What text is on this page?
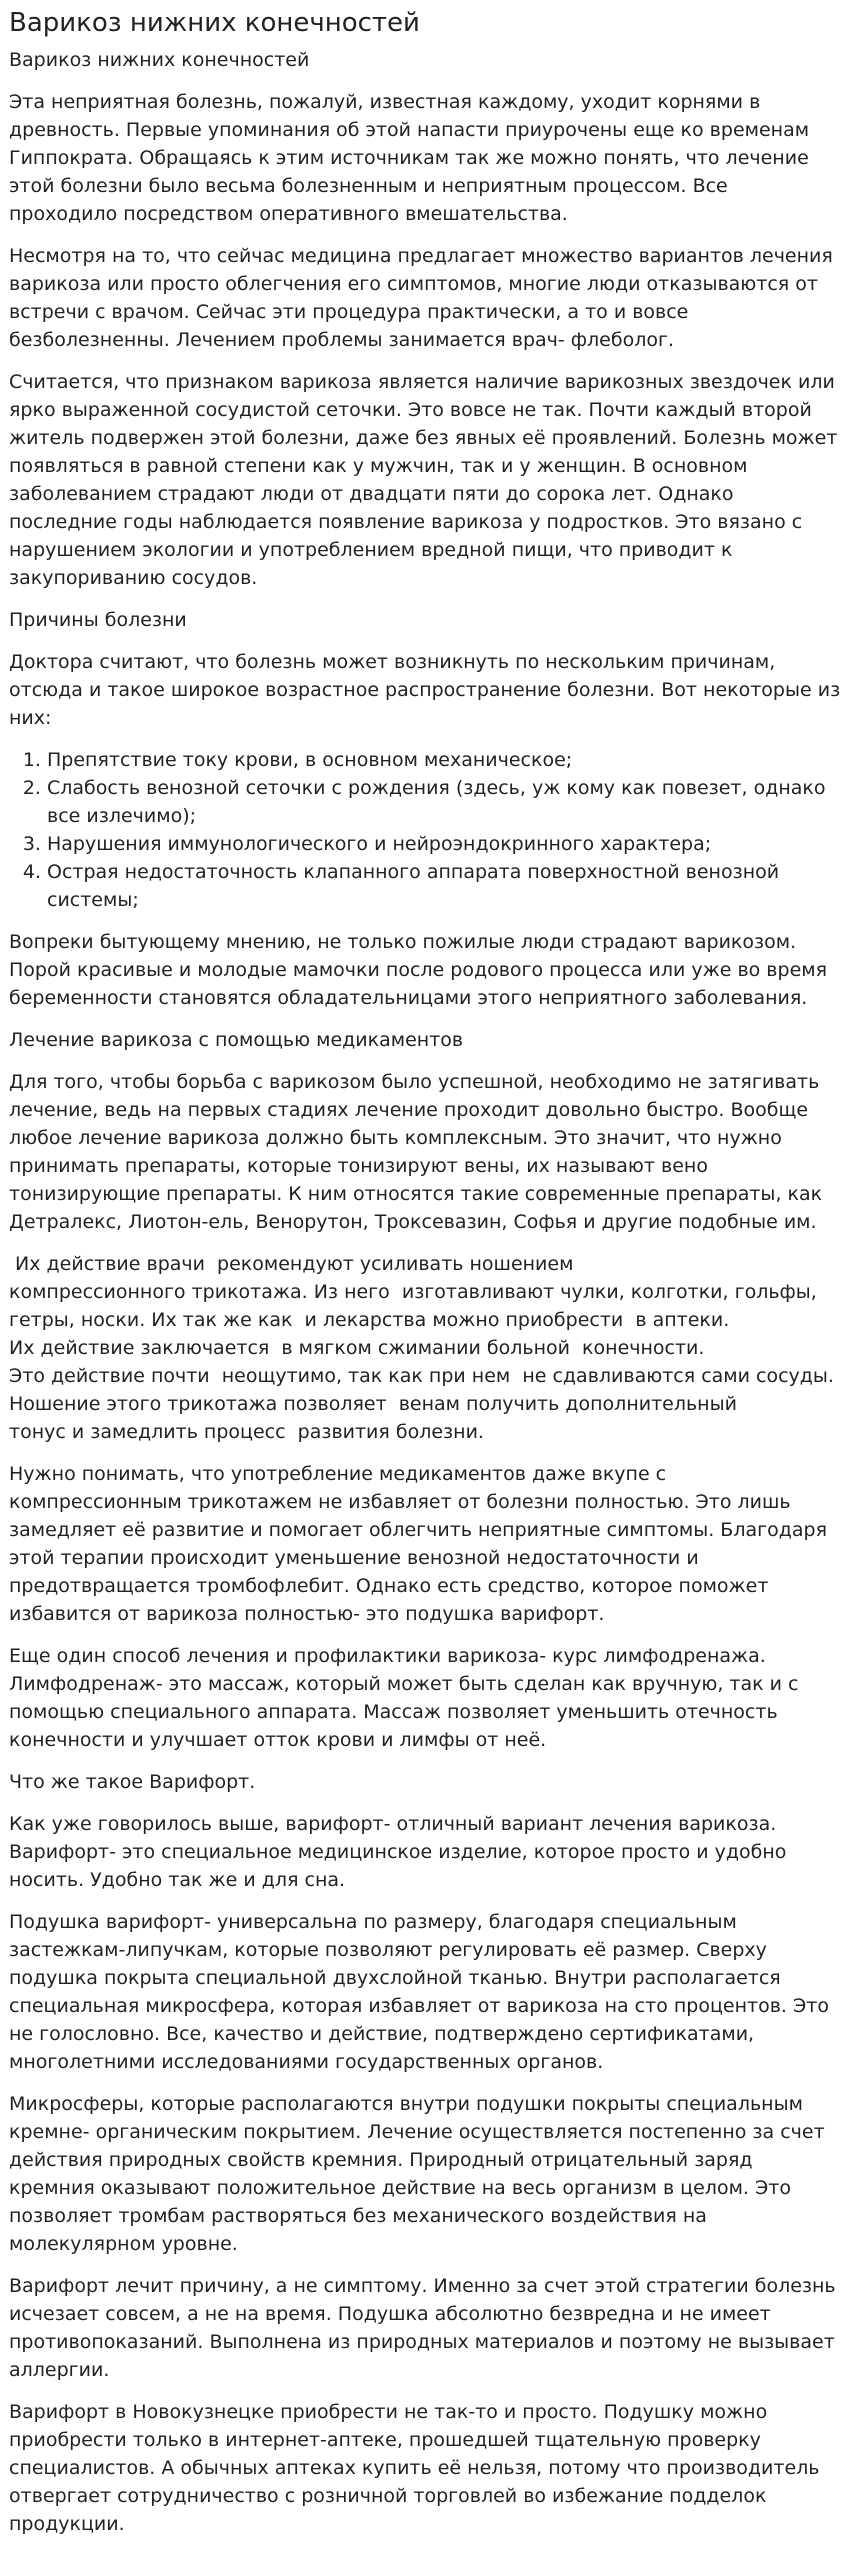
Варикоз нижних конечностей

Варикоз нижних конечностей

Эта неприятная болезнь, пожалуй, известная каждому, уходит корнями в древность. Первые упоминания об этой напасти приурочены еще ко временам Гиппократа. Обращаясь к этим источникам так же можно понять, что лечение этой болезни было весьма болезненным и неприятным процессом. Все проходило посредством оперативного вмешательства.

Несмотря на то, что сейчас медицина предлагает множество вариантов лечения варикоза или просто облегчения его симптомов, многие люди отказываются от встречи с врачом. Сейчас эти процедура практически, а то и вовсе безболезненны. Лечением проблемы занимается врач- флеболог.

Считается, что признаком варикоза является наличие варикозных звездочек или ярко выраженной сосудистой сеточки. Это вовсе не так. Почти каждый второй житель подвержен этой болезни, даже без явных её проявлений. Болезнь может появляться в равной степени как у мужчин, так и у женщин. В основном заболеванием страдают люди от двадцати пяти до сорока лет. Однако последние годы наблюдается появление варикоза у подростков. Это вязано с нарушением экологии и употреблением вредной пищи, что приводит к закупориванию сосудов.

Причины болезни

Доктора считают, что болезнь может возникнуть по нескольким причинам, отсюда и такое широкое возрастное распространение болезни. Вот некоторые из них:

1. Препятствие току крови, в основном механическое;
2. Слабость венозной сеточки с рождения (здесь, уж кому как повезет, однако все излечимо);
3. Нарушения иммунологического и нейроэндокринного характера;
4. Острая недостаточность клапанного аппарата поверхностной венозной системы;

Вопреки бытующему мнению, не только пожилые люди страдают варикозом. Порой красивые и молодые мамочки после родового процесса или уже во время беременности становятся обладательницами этого неприятного заболевания.

Лечение варикоза с помощью медикаментов

Для того, чтобы борьба с варикозом было успешной, необходимо не затягивать лечение, ведь на первых стадиях лечение проходит довольно быстро. Вообще любое лечение варикоза должно быть комплексным. Это значит, что нужно принимать препараты, которые тонизируют вены, их называют вено тонизирующие препараты. К ним относятся такие современные препараты, как Детралекс, Лиотон-ель, Венорутон, Троксевазин, Софья и другие подобные им.

Их действие врачи  рекомендуют усиливать ношением
компрессионного трикотажа. Из него  изготавливают чулки, колготки, гольфы,
гетры, носки. Их так же как  и лекарства можно приобрести  в аптеки.
Их действие заключается  в мягком сжимании больной  конечности.
Это действие почти  неощутимо, так как при нем  не сдавливаются сами сосуды.
Ношение этого трикотажа позволяет  венам получить дополнительный
тонус и замедлить процесс  развития болезни.

Нужно понимать, что употребление медикаментов даже вкупе с компрессионным трикотажем не избавляет от болезни полностью. Это лишь замедляет её развитие и помогает облегчить неприятные симптомы. Благодаря этой терапии происходит уменьшение венозной недостаточности и предотвращается тромбофлебит. Однако есть средство, которое поможет избавится от варикоза полностью- это подушка варифорт.

Еще один способ лечения и профилактики варикоза- курс лимфодренажа. Лимфодренаж- это массаж, который может быть сделан как вручную, так и с помощью специального аппарата. Массаж позволяет уменьшить отечность конечности и улучшает отток крови и лимфы от неё.

Что же такое Варифорт.

Как уже говорилось выше, варифорт- отличный вариант лечения варикоза. Варифорт- это специальное медицинское изделие, которое просто и удобно носить. Удобно так же и для сна.

Подушка варифорт- универсальна по размеру, благодаря специальным застежкам-липучкам, которые позволяют регулировать её размер. Сверху подушка покрыта специальной двухслойной тканью. Внутри располагается специальная микросфера, которая избавляет от варикоза на сто процентов. Это не голословно. Все, качество и действие, подтверждено сертификатами, многолетними исследованиями государственных органов.

Микросферы, которые располагаются внутри подушки покрыты специальным кремне- органическим покрытием. Лечение осуществляется постепенно за счет действия природных свойств кремния. Природный отрицательный заряд кремния оказывают положительное действие на весь организм в целом. Это позволяет тромбам растворяться без механического воздействия на молекулярном уровне.

Варифорт лечит причину, а не симптому. Именно за счет этой стратегии болезнь исчезает совсем, а не на время. Подушка абсолютно безвредна и не имеет противопоказаний. Выполнена из природных материалов и поэтому не вызывает аллергии.

Варифорт в Новокузнецке приобрести не так-то и просто. Подушку можно приобрести только в интернет-аптеке, прошедшей тщательную проверку специалистов. А обычных аптеках купить её нельзя, потому что производитель отвергает сотрудничество с розничной торговлей во избежание подделок продукции.
